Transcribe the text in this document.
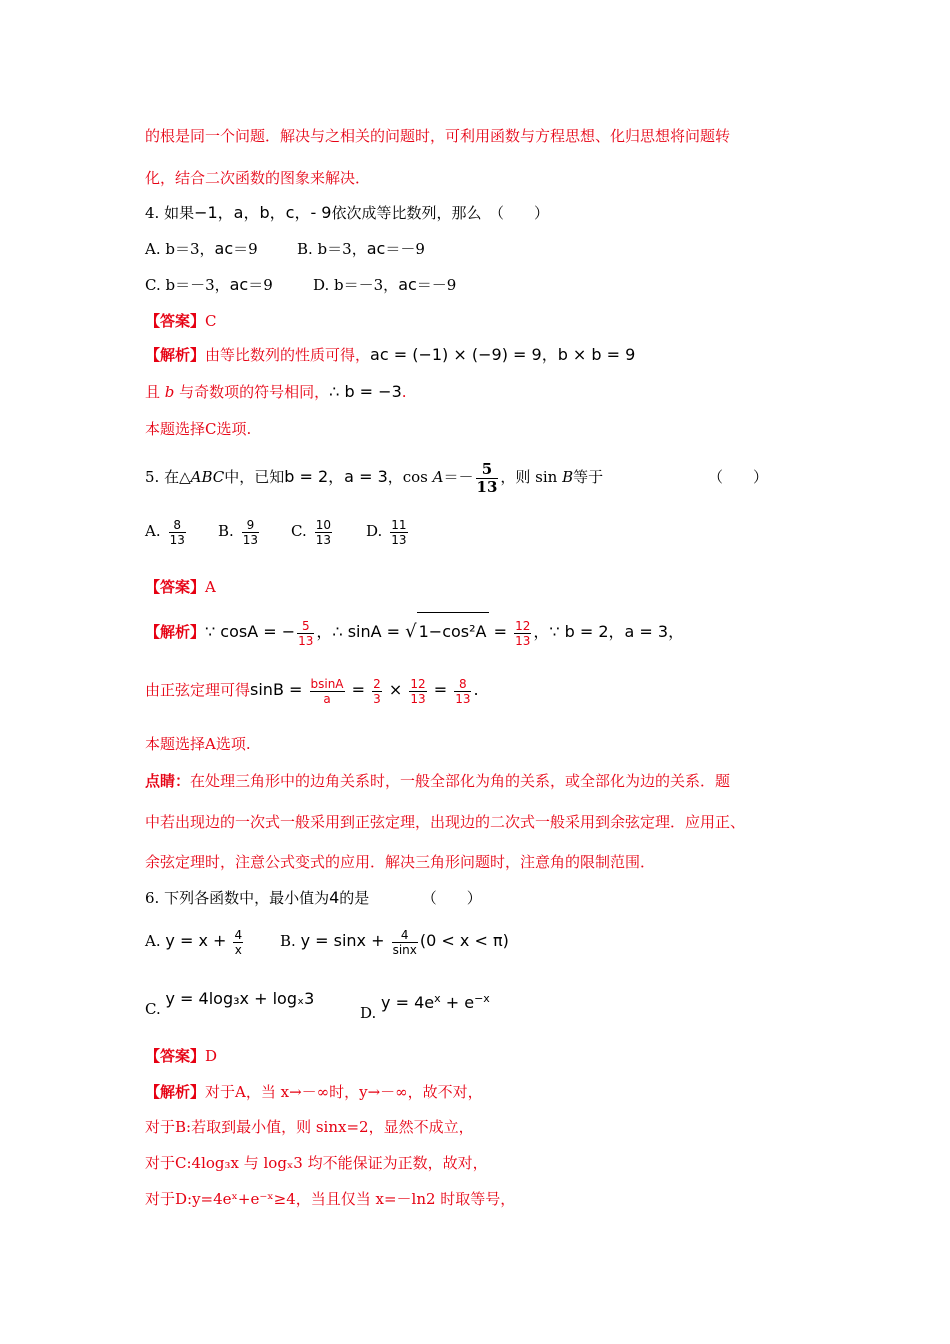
的根是同一个问题．解决与之相关的问题时，可利用函数与方程思想、化归思想将问题转
化，结合二次函数的图象来解决．
4. 如果−1，a，b，c，- 9依次成等比数列，那么　（　　）
A. b＝3，ac＝9	B. b＝3，ac＝－9
C. b＝－3，ac＝9	D. b＝－3，ac＝－9
【答案】C
【解析】由等比数列的性质可得，ac = (−1) × (−9) = 9，b × b = 9
且 b 与奇数项的符号相同，∴ b = −3.
本题选择C选项.
5. 在△ABC中，已知b = 2，a = 3，$\cos A=- \frac{5}{13}$ ，则 sin B等于	（　　）
A. $\frac{8}{13} B$. $\frac{9}{13} C$. $\frac{10}{13} D$. $\frac{11}{13}$
【答案】A
【解析】∵ cosA = − $\frac{5}{13}$ ，∴ sinA = √ $1-\cos^2A = \frac{12}{13}$ ，∵ b = 2，a = 3，
由正弦定理可得$\sin B = \frac{bsinA}{a} = \frac{2}{3} \times \frac{12}{13} = \frac{8}{13}$ .
本题选择A选项.
点睛：在处理三角形中的边角关系时，一般全部化为角的关系，或全部化为边的关系．题
中若出现边的一次式一般采用到正弦定理，出现边的二次式一般采用到余弦定理．应用正、
余弦定理时，注意公式变式的应用．解决三角形问题时，注意角的限制范围．
6. 下列各函数中，最小值为4的是　　　　（　　）
A. $y = x + \frac{4}{x} B$. $y = \sin x + \frac{4}{\sin x} (0 < x < \pi)$
C. y = 4log₃x + logₓ3
D. $y = 4e^x + e^{-x}$
【答案】D
【解析】对于A，当 x→－∞时，y→－∞，故不对，
对于B:若取到最小值，则 sinx=2，显然不成立，
对于C:4log₃x 与 logₓ3 均不能保证为正数，故对，
对于D:y=4eˣ+e⁻ˣ≥4，当且仅当 x=－ln2 时取等号，
